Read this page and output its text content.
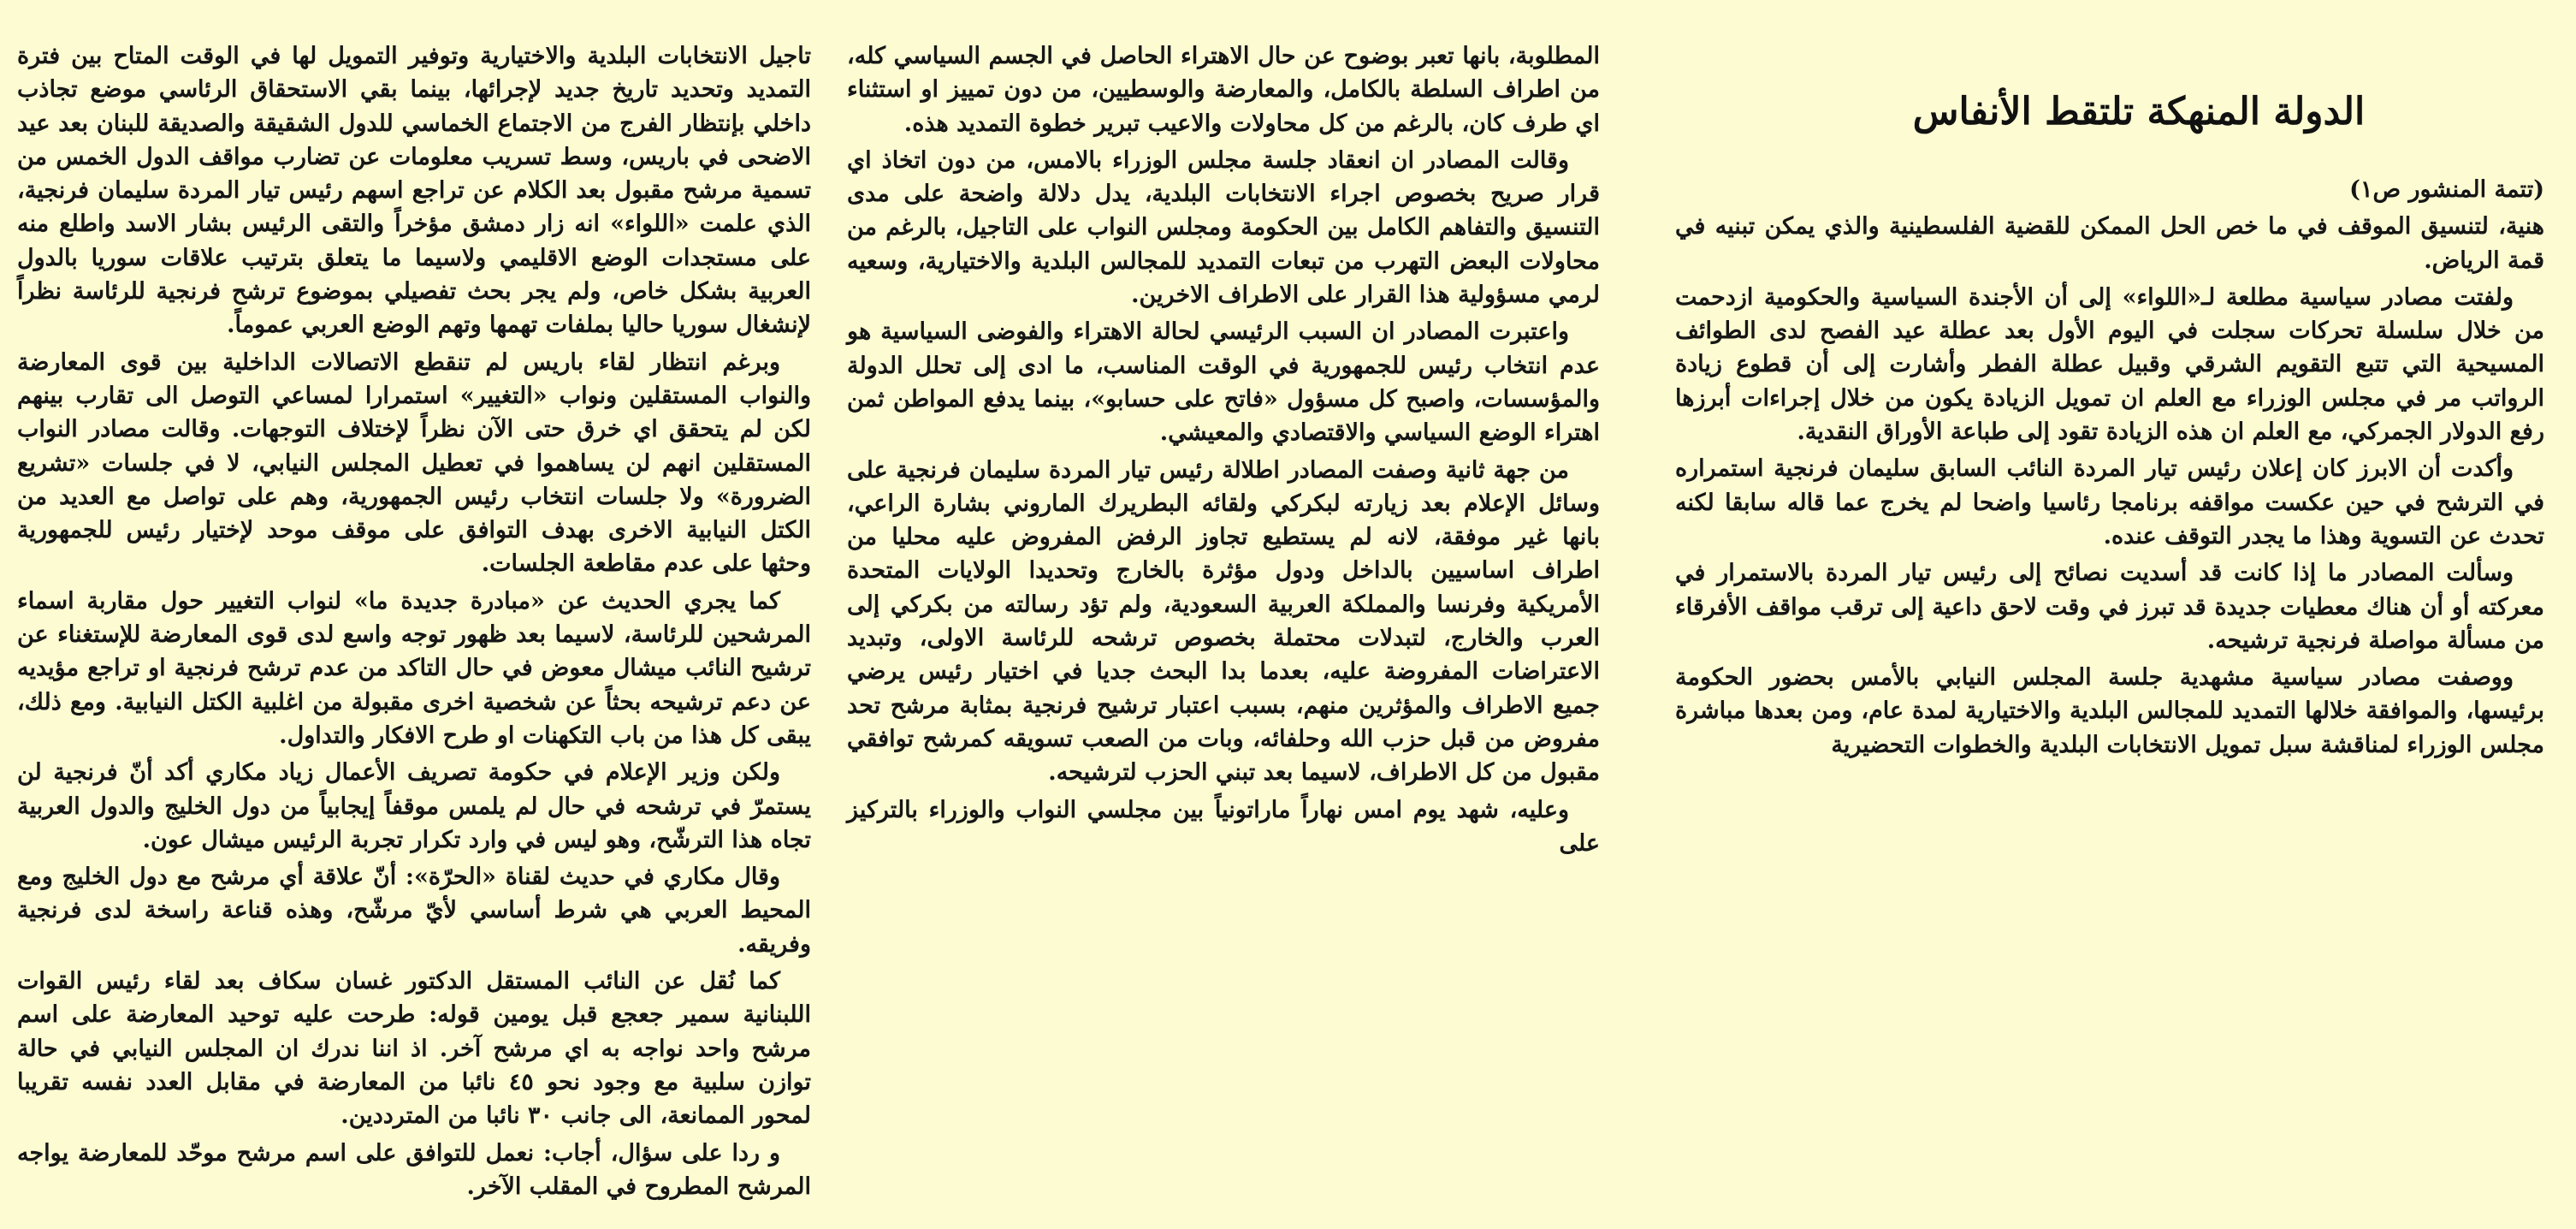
الدولة المنهكة تلتقط الأنفاس
(تتمة المنشور ص١)

هنية، لتنسيق الموقف في ما خص الحل الممكن للقضية الفلسطينية والذي يمكن تبنيه في قمة الرياض.

ولفتت مصادر سياسية مطلعة لـ«اللواء» إلى أن الأجندة السياسية والحكومية ازدحمت من خلال سلسلة تحركات سجلت في اليوم الأول بعد عطلة عيد الفصح لدى الطوائف المسيحية التي تتبع التقويم الشرقي وقبيل عطلة الفطر وأشارت إلى أن قطوع زيادة الرواتب مر في مجلس الوزراء مع العلم ان تمويل الزيادة يكون من خلال إجراءات أبرزها رفع الدولار الجمركي، مع العلم ان هذه الزيادة تقود إلى طباعة الأوراق النقدية.

وأكدت أن الابرز كان إعلان رئيس تيار المردة النائب السابق سليمان فرنجية استمراره في الترشح في حين عكست مواقفه برنامجا رئاسيا واضحا لم يخرج عما قاله سابقا لكنه تحدث عن التسوية وهذا ما يجدر التوقف عنده.

وسألت المصادر ما إذا كانت قد أسديت نصائح إلى رئيس تيار المردة بالاستمرار في معركته أو أن هناك معطيات جديدة قد تبرز في وقت لاحق داعية إلى ترقب مواقف الأفرقاء من مسألة مواصلة فرنجية ترشيحه.

ووصفت مصادر سياسية مشهدية جلسة المجلس النيابي بالأمس بحضور الحكومة برئيسها، والموافقة خلالها التمديد للمجالس البلدية والاختيارية لمدة عام، ومن بعدها مباشرة مجلس الوزراء لمناقشة سبل تمويل الانتخابات البلدية والخطوات التحضيرية

المطلوبة، بانها تعبر بوضوح عن حال الاهتراء الحاصل في الجسم السياسي كله، من اطراف السلطة بالكامل، والمعارضة والوسطيين، من دون تمييز او استثناء اي طرف كان، بالرغم من كل محاولات والاعيب تبرير خطوة التمديد هذه.

وقالت المصادر ان انعقاد جلسة مجلس الوزراء بالامس، من دون اتخاذ اي قرار صريح بخصوص اجراء الانتخابات البلدية، يدل دلالة واضحة على مدى التنسيق والتفاهم الكامل بين الحكومة ومجلس النواب على التاجيل، بالرغم من محاولات البعض التهرب من تبعات التمديد للمجالس البلدية والاختيارية، وسعيه لرمي مسؤولية هذا القرار على الاطراف الاخرين.

واعتبرت المصادر ان السبب الرئيسي لحالة الاهتراء والفوضى السياسية هو عدم انتخاب رئيس للجمهورية في الوقت المناسب، ما ادى إلى تحلل الدولة والمؤسسات، واصبح كل مسؤول «فاتح على حسابو»، بينما يدفع المواطن ثمن اهتراء الوضع السياسي والاقتصادي والمعيشي.

من جهة ثانية وصفت المصادر اطلالة رئيس تيار المردة سليمان فرنجية على وسائل الإعلام بعد زيارته لبكركي ولقائه البطريرك الماروني بشارة الراعي، بانها غير موفقة، لانه لم يستطيع تجاوز الرفض المفروض عليه محليا من اطراف اساسيين بالداخل ودول مؤثرة بالخارج وتحديدا الولايات المتحدة الأمريكية وفرنسا والمملكة العربية السعودية، ولم تؤد رسالته من بكركي إلى العرب والخارج، لتبدلات محتملة بخصوص ترشحه للرئاسة الاولى، وتبديد الاعتراضات المفروضة عليه، بعدما بدا البحث جديا في اختيار رئيس يرضي جميع الاطراف والمؤثرين منهم، بسبب اعتبار ترشيح فرنجية بمثابة مرشح تحد مفروض من قبل حزب الله وحلفائه، وبات من الصعب تسويقه كمرشح توافقي مقبول من كل الاطراف، لاسيما بعد تبني الحزب لترشيحه.

وعليه، شهد يوم امس نهاراً ماراتونياً بين مجلسي النواب والوزراء بالتركيز على

تاجيل الانتخابات البلدية والاختيارية وتوفير التمويل لها في الوقت المتاح بين فترة التمديد وتحديد تاريخ جديد لإجرائها، بينما بقي الاستحقاق الرئاسي موضع تجاذب داخلي بإنتظار الفرج من الاجتماع الخماسي للدول الشقيقة والصديقة للبنان بعد عيد الاضحى في باريس، وسط تسريب معلومات عن تضارب مواقف الدول الخمس من تسمية مرشح مقبول بعد الكلام عن تراجع اسهم رئيس تيار المردة سليمان فرنجية، الذي علمت «اللواء» انه زار دمشق مؤخراً والتقى الرئيس بشار الاسد واطلع منه على مستجدات الوضع الاقليمي ولاسيما ما يتعلق بترتيب علاقات سوريا بالدول العربية بشكل خاص، ولم يجر بحث تفصيلي بموضوع ترشح فرنجية للرئاسة نظراً لإنشغال سوريا حاليا بملفات تهمها وتهم الوضع العربي عموماً.

وبرغم انتظار لقاء باريس لم تنقطع الاتصالات الداخلية بين قوى المعارضة والنواب المستقلين ونواب «التغيير» استمرارا لمساعي التوصل الى تقارب بينهم لكن لم يتحقق اي خرق حتى الآن نظراً لإختلاف التوجهات. وقالت مصادر النواب المستقلين انهم لن يساهموا في تعطيل المجلس النيابي، لا في جلسات «تشريع الضرورة» ولا جلسات انتخاب رئيس الجمهورية، وهم على تواصل مع العديد من الكتل النيابية الاخرى بهدف التوافق على موقف موحد لإختيار رئيس للجمهورية وحثها على عدم مقاطعة الجلسات.

كما يجري الحديث عن «مبادرة جديدة ما» لنواب التغيير حول مقاربة اسماء المرشحين للرئاسة، لاسيما بعد ظهور توجه واسع لدى قوى المعارضة للإستغناء عن ترشيح النائب ميشال معوض في حال التاكد من عدم ترشح فرنجية او تراجع مؤيديه عن دعم ترشيحه بحثاً عن شخصية اخرى مقبولة من اغلبية الكتل النيابية. ومع ذلك، يبقى كل هذا من باب التكهنات او طرح الافكار والتداول.

ولكن وزير الإعلام في حكومة تصريف الأعمال زياد مكاري أكد أنّ فرنجية لن يستمرّ في ترشحه في حال لم يلمس موقفاً إيجابياً من دول الخليج والدول العربية تجاه هذا الترشّح، وهو ليس في وارد تكرار تجربة الرئيس ميشال عون.

وقال مكاري في حديث لقناة «الحرّة»: أنّ علاقة أي مرشح مع دول الخليج ومع المحيط العربي هي شرط أساسي لأيّ مرشّح، وهذه قناعة راسخة لدى فرنجية وفريقه.

كما نُقل عن النائب المستقل الدكتور غسان سكاف بعد لقاء رئيس القوات اللبنانية سمير جعجع قبل يومين قوله: طرحت عليه توحيد المعارضة على اسم مرشح واحد نواجه به اي مرشح آخر. اذ اننا ندرك ان المجلس النيابي في حالة توازن سلبية مع وجود نحو ٤٥ نائبا من المعارضة في مقابل العدد نفسه تقريبا لمحور الممانعة، الى جانب ٣٠ نائبا من المترددين.

و ردا على سؤال، أجاب: نعمل للتوافق على اسم مرشح موحّد للمعارضة يواجه المرشح المطروح في المقلب الآخر.
